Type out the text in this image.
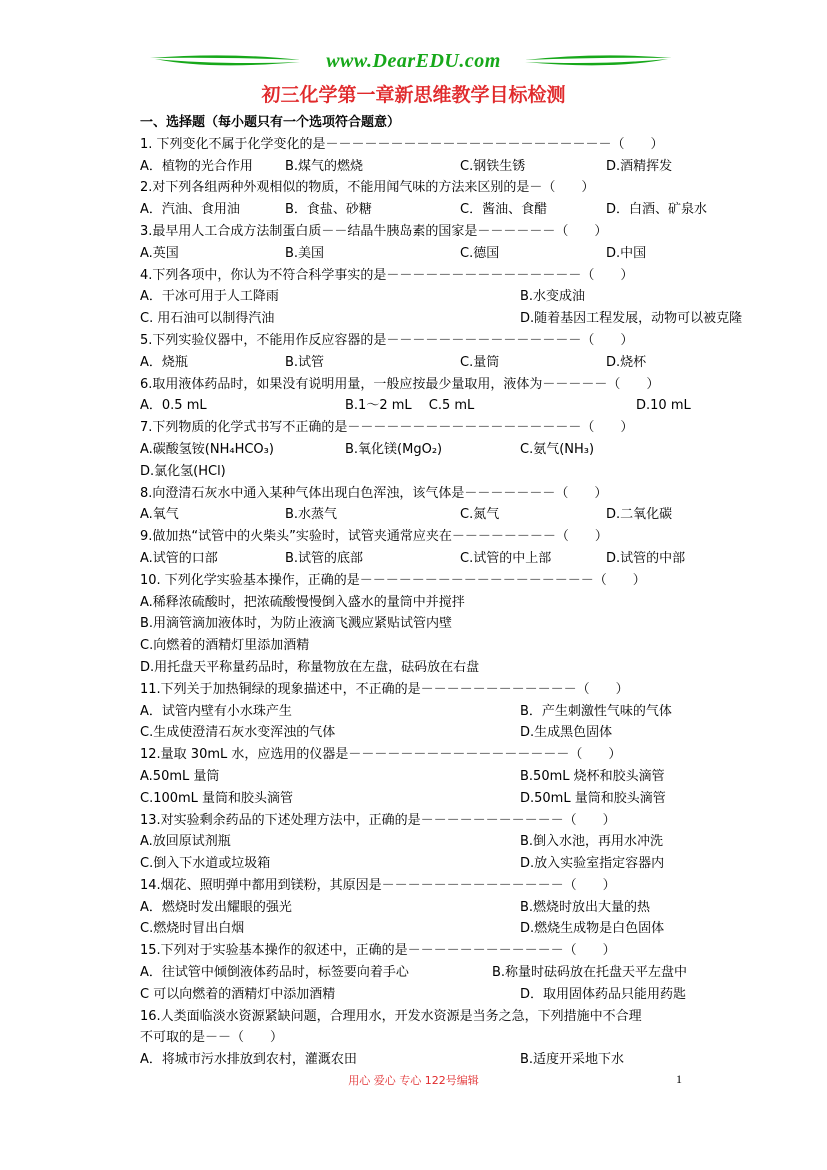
www.DearEDU.com
初三化学第一章新思维教学目标检测
一、选择题（每小题只有一个选项符合题意）
1. 下列变化不属于化学变化的是－－－－－－－－－－－－－－－－－－－－－－（　　）
A．植物的光合作用 B.煤气的燃烧	C.钢铁生锈	D.酒精挥发
2.对下列各组两种外观相似的物质，不能用闻气味的方法来区别的是－（　　）
A．汽油、食用油	B．食盐、砂糖	C．酱油、食醋	D．白酒、矿泉水
3.最早用人工合成方法制蛋白质－－结晶牛胰岛素的国家是－－－－－－（　　）
A.英国	B.美国	C.德国	D.中国
4.下列各项中，你认为不符合科学事实的是－－－－－－－－－－－－－－－（　　）
A．干冰可用于人工降雨	B.水变成油
C. 用石油可以制得汽油	D.随着基因工程发展，动物可以被克隆
5.下列实验仪器中，不能用作反应容器的是－－－－－－－－－－－－－－－（　　）
A．烧瓶	B.试管	C.量筒	D.烧杯
6.取用液体药品时，如果没有说明用量，一般应按最少量取用，液体为－－－－－（　　）
A．0.5 mL	B.1～2 mL　 C.5 mL	D.10 mL
7.下列物质的化学式书写不正确的是－－－－－－－－－－－－－－－－－－（　　）
A.碳酸氢铵(NH₄HCO₃)	B.氧化镁(MgO₂)	C.氨气(NH₃)
D.氯化氢(HCl)
8.向澄清石灰水中通入某种气体出现白色浑浊，该气体是－－－－－－－（　　）
A.氧气	B.水蒸气	C.氮气	D.二氧化碳
9.做加热“试管中的火柴头”实验时，试管夹通常应夹在－－－－－－－－（　　）
A.试管的口部	B.试管的底部	C.试管的中上部	D.试管的中部
10. 下列化学实验基本操作，正确的是－－－－－－－－－－－－－－－－－－（　　）
A.稀释浓硫酸时，把浓硫酸慢慢倒入盛水的量筒中并搅拌
B.用滴管滴加液体时，为防止液滴飞溅应紧贴试管内壁
C.向燃着的酒精灯里添加酒精
D.用托盘天平称量药品时，称量物放在左盘，砝码放在右盘
11.下列关于加热铜绿的现象描述中，不正确的是－－－－－－－－－－－－（　　）
A．试管内壁有小水珠产生	B．产生刺激性气味的气体
C.生成使澄清石灰水变浑浊的气体	D.生成黑色固体
12.量取 30mL 水，应选用的仪器是－－－－－－－－－－－－－－－－－（　　）
A.50mL 量筒	B.50mL 烧杯和胶头滴管
C.100mL 量筒和胶头滴管	D.50mL 量筒和胶头滴管
13.对实验剩余药品的下述处理方法中，正确的是－－－－－－－－－－－（　　）
A.放回原试剂瓶	B.倒入水池，再用水冲洗
C.倒入下水道或垃圾箱	D.放入实验室指定容器内
14.烟花、照明弹中都用到镁粉，其原因是－－－－－－－－－－－－－－（　　）
A．燃烧时发出耀眼的强光	B.燃烧时放出大量的热
C.燃烧时冒出白烟	D.燃烧生成物是白色固体
15.下列对于实验基本操作的叙述中，正确的是－－－－－－－－－－－－（　　）
A．往试管中倾倒液体药品时，标签要向着手心	B.称量时砝码放在托盘天平左盘中
C 可以向燃着的酒精灯中添加酒精	D．取用固体药品只能用药匙
16.人类面临淡水资源紧缺问题，合理用水，开发水资源是当务之急，下列措施中不合理
不可取的是－－（　　）
A．将城市污水排放到农村，灌溉农田	B.适度开采地下水
用心 爱心 专心 122号编辑	1
